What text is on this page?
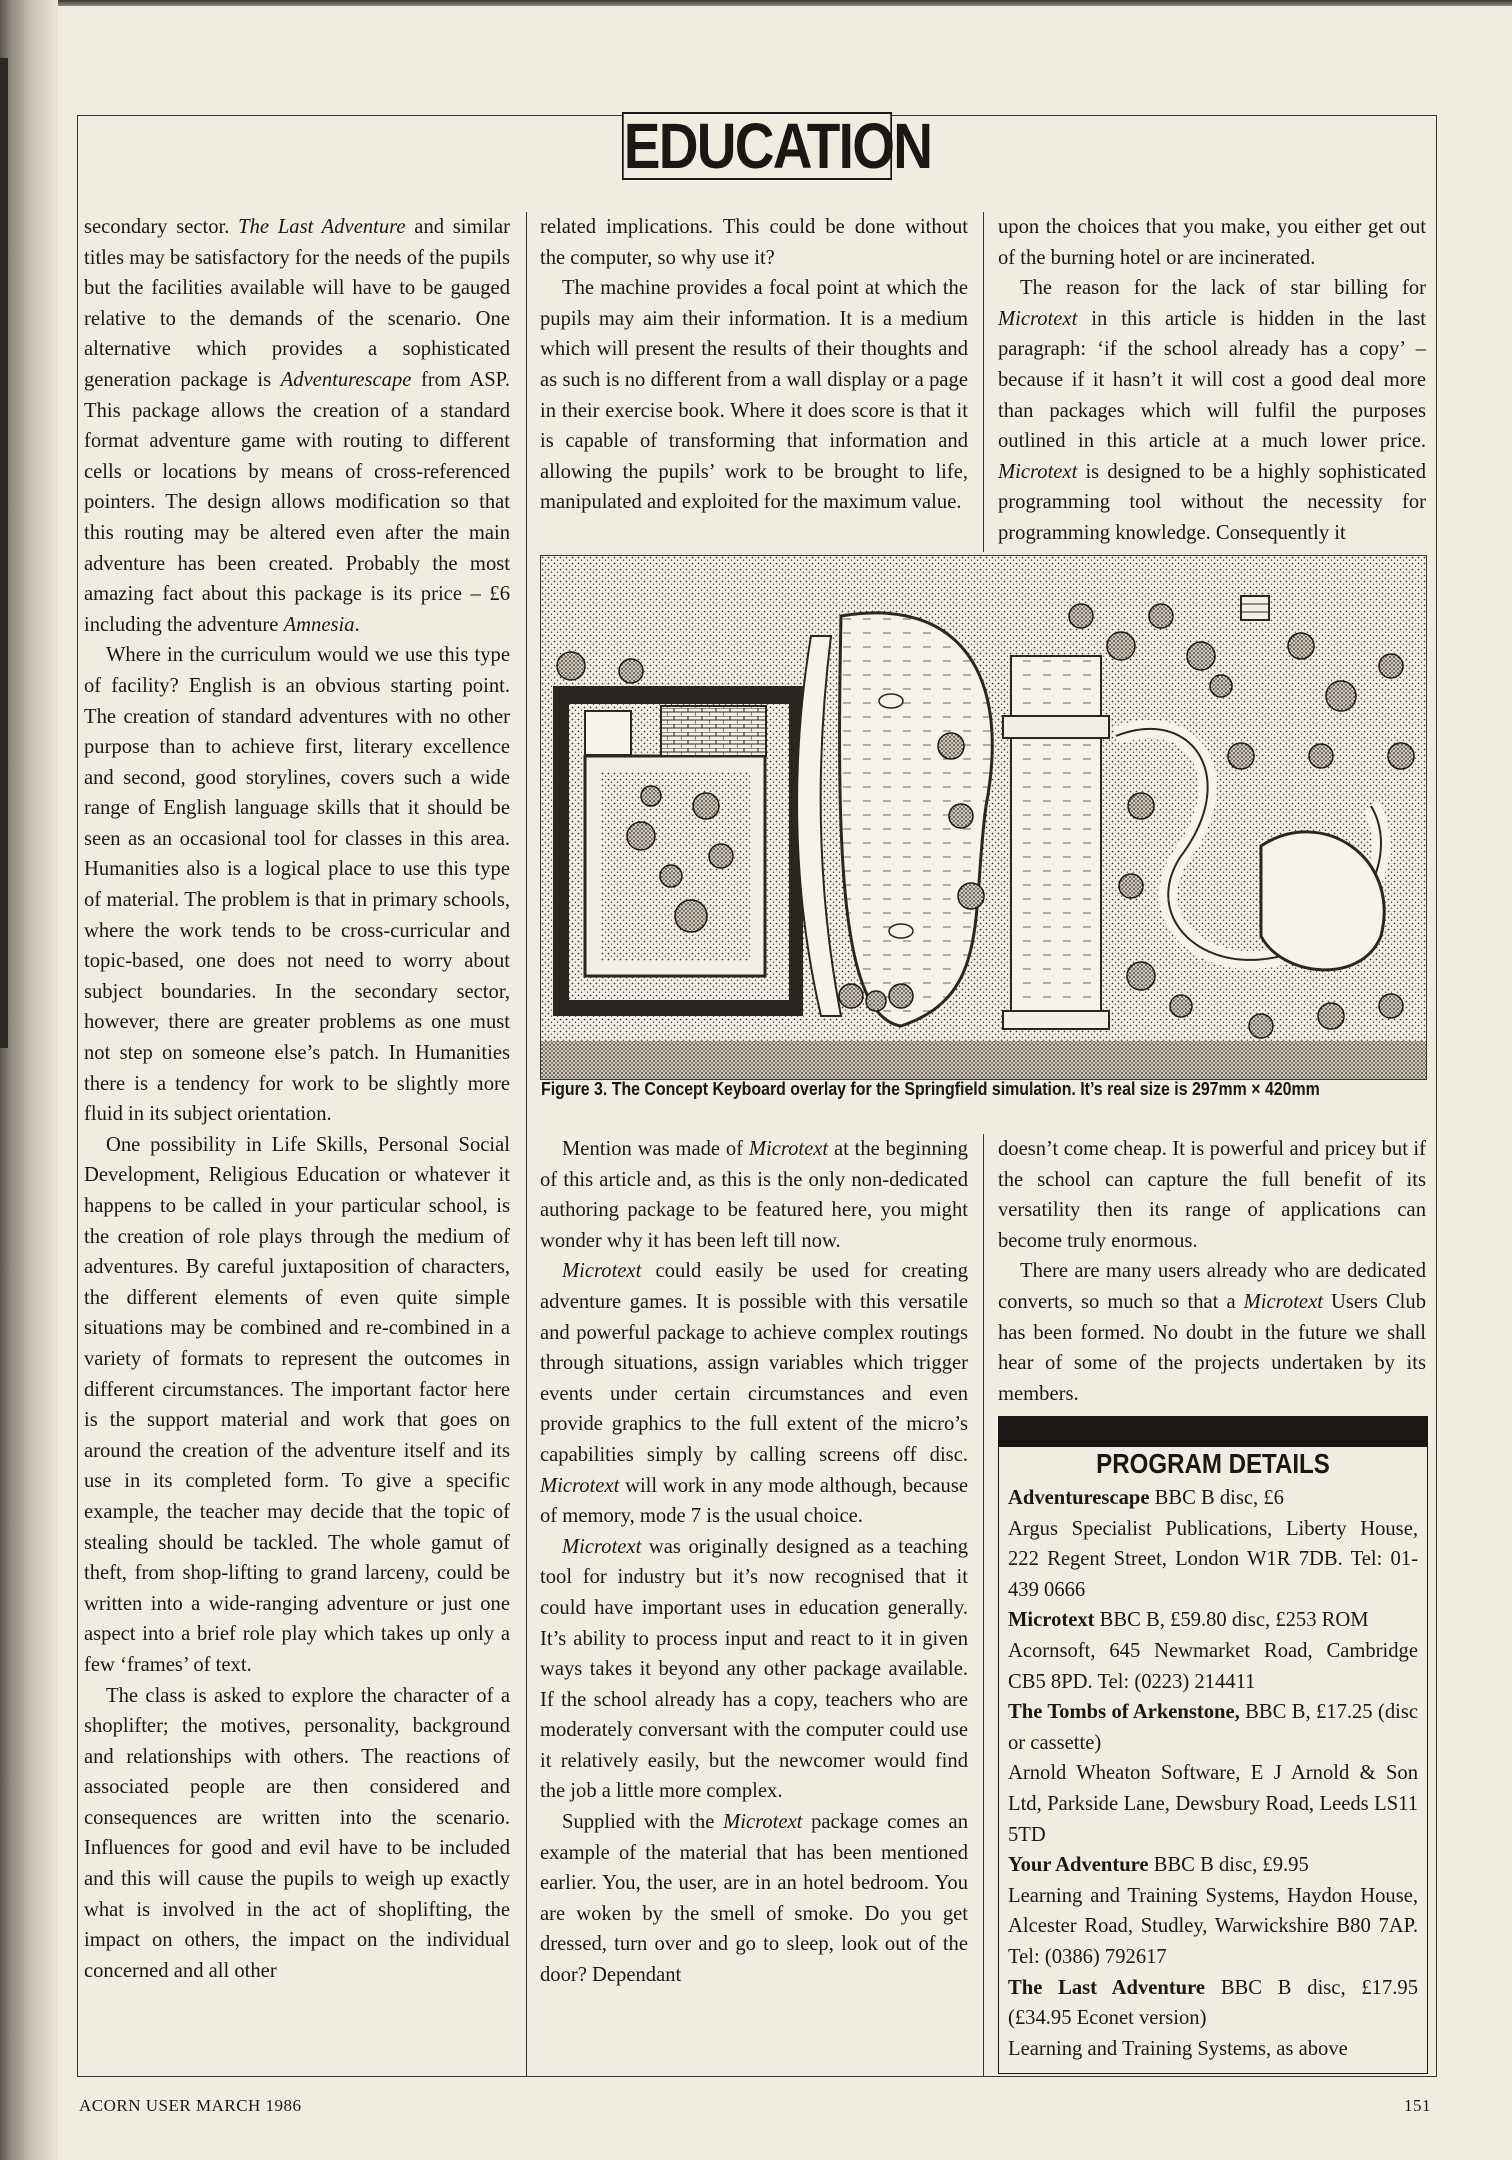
EDUCATION

secondary sector. The Last Adventure and similar titles may be satisfactory for the needs of the pupils but the facilities available will have to be gauged relative to the demands of the scenario. One alternative which provides a sophisticated generation package is Adventurescape from ASP. This package allows the creation of a standard format adventure game with routing to different cells or locations by means of cross-referenced pointers. The design allows modification so that this routing may be altered even after the main adventure has been created. Probably the most amazing fact about this package is its price – £6 including the adventure Amnesia.

Where in the curriculum would we use this type of facility? English is an obvious starting point. The creation of standard adventures with no other purpose than to achieve first, literary excellence and second, good storylines, covers such a wide range of English language skills that it should be seen as an occasional tool for classes in this area. Humanities also is a logical place to use this type of material. The problem is that in primary schools, where the work tends to be cross-curricular and topic-based, one does not need to worry about subject boundaries. In the secondary sector, however, there are greater problems as one must not step on someone else’s patch. In Humanities there is a tendency for work to be slightly more fluid in its subject orientation.

One possibility in Life Skills, Personal Social Development, Religious Education or whatever it happens to be called in your particular school, is the creation of role plays through the medium of adventures. By careful juxtaposition of characters, the different elements of even quite simple situations may be combined and re-combined in a variety of formats to represent the outcomes in different circumstances. The important factor here is the support material and work that goes on around the creation of the adventure itself and its use in its completed form. To give a specific example, the teacher may decide that the topic of stealing should be tackled. The whole gamut of theft, from shop-lifting to grand larceny, could be written into a wide-ranging adventure or just one aspect into a brief role play which takes up only a few ‘frames’ of text.

The class is asked to explore the character of a shoplifter; the motives, personality, background and relationships with others. The reactions of associated people are then considered and consequences are written into the scenario. Influences for good and evil have to be included and this will cause the pupils to weigh up exactly what is involved in the act of shoplifting, the impact on others, the impact on the individual concerned and all other

related implications. This could be done without the computer, so why use it?

The machine provides a focal point at which the pupils may aim their information. It is a medium which will present the results of their thoughts and as such is no different from a wall display or a page in their exercise book. Where it does score is that it is capable of transforming that information and allowing the pupils’ work to be brought to life, manipulated and exploited for the maximum value.

upon the choices that you make, you either get out of the burning hotel or are incinerated.

The reason for the lack of star billing for Microtext in this article is hidden in the last paragraph: ‘if the school already has a copy’ – because if it hasn’t it will cost a good deal more than packages which will fulfil the purposes outlined in this article at a much lower price. Microtext is designed to be a highly sophisticated programming tool without the necessity for programming knowledge. Consequently it

Figure 3. The Concept Keyboard overlay for the Springfield simulation. It’s real size is 297mm × 420mm

Mention was made of Microtext at the beginning of this article and, as this is the only non-dedicated authoring package to be featured here, you might wonder why it has been left till now.

Microtext could easily be used for creating adventure games. It is possible with this versatile and powerful package to achieve complex routings through situations, assign variables which trigger events under certain circumstances and even provide graphics to the full extent of the micro’s capabilities simply by calling screens off disc. Microtext will work in any mode although, because of memory, mode 7 is the usual choice.

Microtext was originally designed as a teaching tool for industry but it’s now recognised that it could have important uses in education generally. It’s ability to process input and react to it in given ways takes it beyond any other package available. If the school already has a copy, teachers who are moderately conversant with the computer could use it relatively easily, but the newcomer would find the job a little more complex.

Supplied with the Microtext package comes an example of the material that has been mentioned earlier. You, the user, are in an hotel bedroom. You are woken by the smell of smoke. Do you get dressed, turn over and go to sleep, look out of the door? Dependant

doesn’t come cheap. It is powerful and pricey but if the school can capture the full benefit of its versatility then its range of applications can become truly enormous.

There are many users already who are dedicated converts, so much so that a Microtext Users Club has been formed. No doubt in the future we shall hear of some of the projects undertaken by its members.

PROGRAM DETAILS

Adventurescape BBC B disc, £6

Argus Specialist Publications, Liberty House, 222 Regent Street, London W1R 7DB. Tel: 01-439 0666

Microtext BBC B, £59.80 disc, £253 ROM

Acornsoft, 645 Newmarket Road, Cambridge CB5 8PD. Tel: (0223) 214411

The Tombs of Arkenstone, BBC B, £17.25 (disc or cassette)

Arnold Wheaton Software, E J Arnold & Son Ltd, Parkside Lane, Dewsbury Road, Leeds LS11 5TD

Your Adventure BBC B disc, £9.95

Learning and Training Systems, Haydon House, Alcester Road, Studley, Warwickshire B80 7AP. Tel: (0386) 792617

The Last Adventure BBC B disc, £17.95 (£34.95 Econet version)

Learning and Training Systems, as above

ACORN USER MARCH 1986	151
